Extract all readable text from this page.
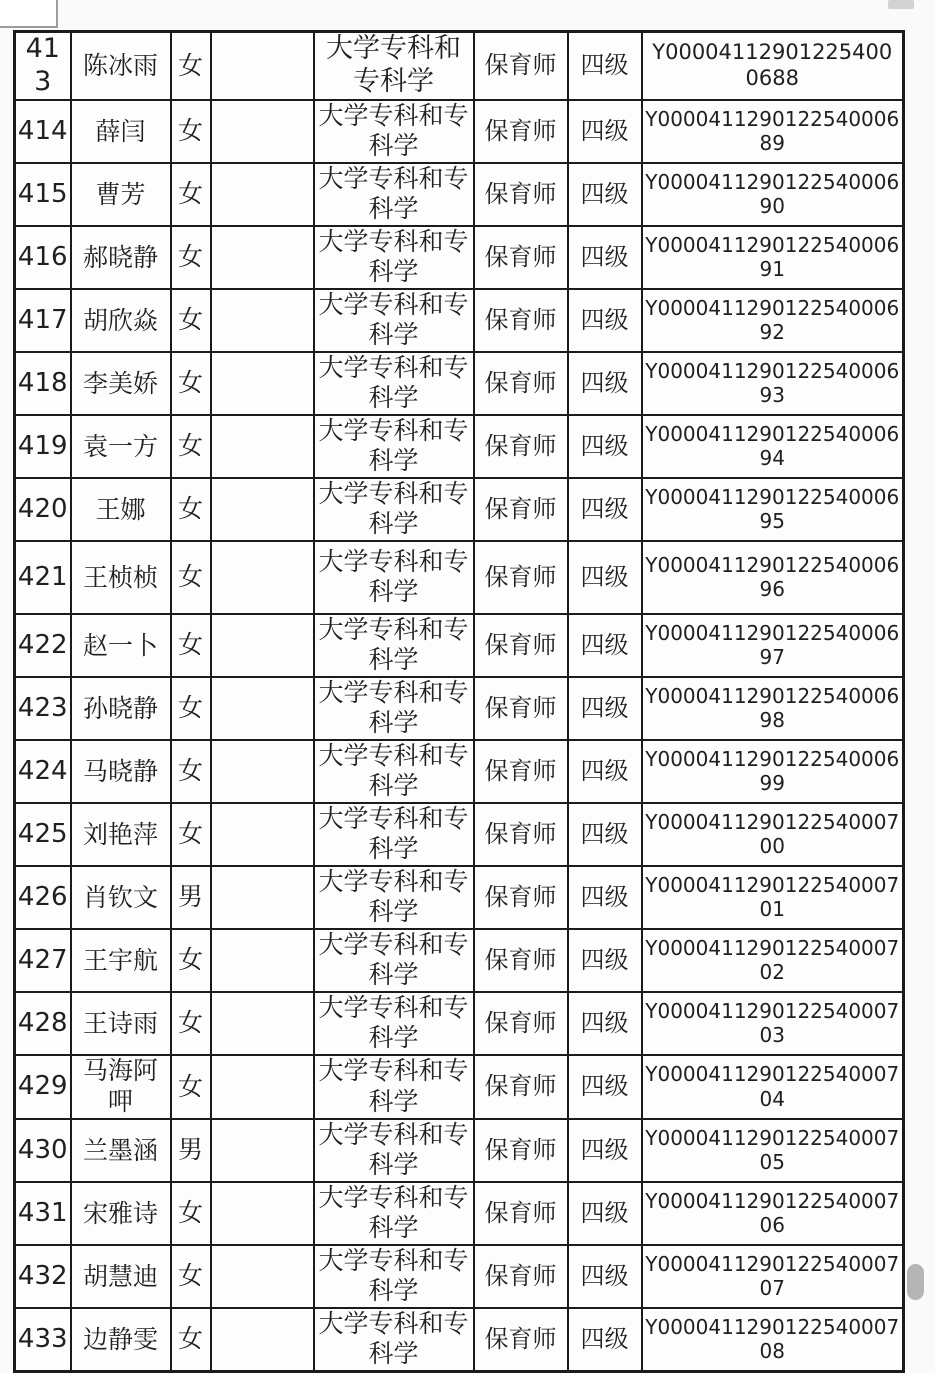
413	陈冰雨	女		大学专科和专科学	保育师	四级	Y000041129012254000688
414	薛闫	女		大学专科和专科学	保育师	四级	Y000041129012254000689
415	曹芳	女		大学专科和专科学	保育师	四级	Y000041129012254000690
416	郝晓静	女		大学专科和专科学	保育师	四级	Y000041129012254000691
417	胡欣焱	女		大学专科和专科学	保育师	四级	Y000041129012254000692
418	李美娇	女		大学专科和专科学	保育师	四级	Y000041129012254000693
419	袁一方	女		大学专科和专科学	保育师	四级	Y000041129012254000694
420	王娜	女		大学专科和专科学	保育师	四级	Y000041129012254000695
421	王桢桢	女		大学专科和专科学	保育师	四级	Y000041129012254000696
422	赵一卜	女		大学专科和专科学	保育师	四级	Y000041129012254000697
423	孙晓静	女		大学专科和专科学	保育师	四级	Y000041129012254000698
424	马晓静	女		大学专科和专科学	保育师	四级	Y000041129012254000699
425	刘艳萍	女		大学专科和专科学	保育师	四级	Y000041129012254000700
426	肖钦文	男		大学专科和专科学	保育师	四级	Y000041129012254000701
427	王宇航	女		大学专科和专科学	保育师	四级	Y000041129012254000702
428	王诗雨	女		大学专科和专科学	保育师	四级	Y000041129012254000703
429	马海阿呷	女		大学专科和专科学	保育师	四级	Y000041129012254000704
430	兰墨涵	男		大学专科和专科学	保育师	四级	Y000041129012254000705
431	宋雅诗	女		大学专科和专科学	保育师	四级	Y000041129012254000706
432	胡慧迪	女		大学专科和专科学	保育师	四级	Y000041129012254000707
433	边静雯	女		大学专科和专科学	保育师	四级	Y000041129012254000708
